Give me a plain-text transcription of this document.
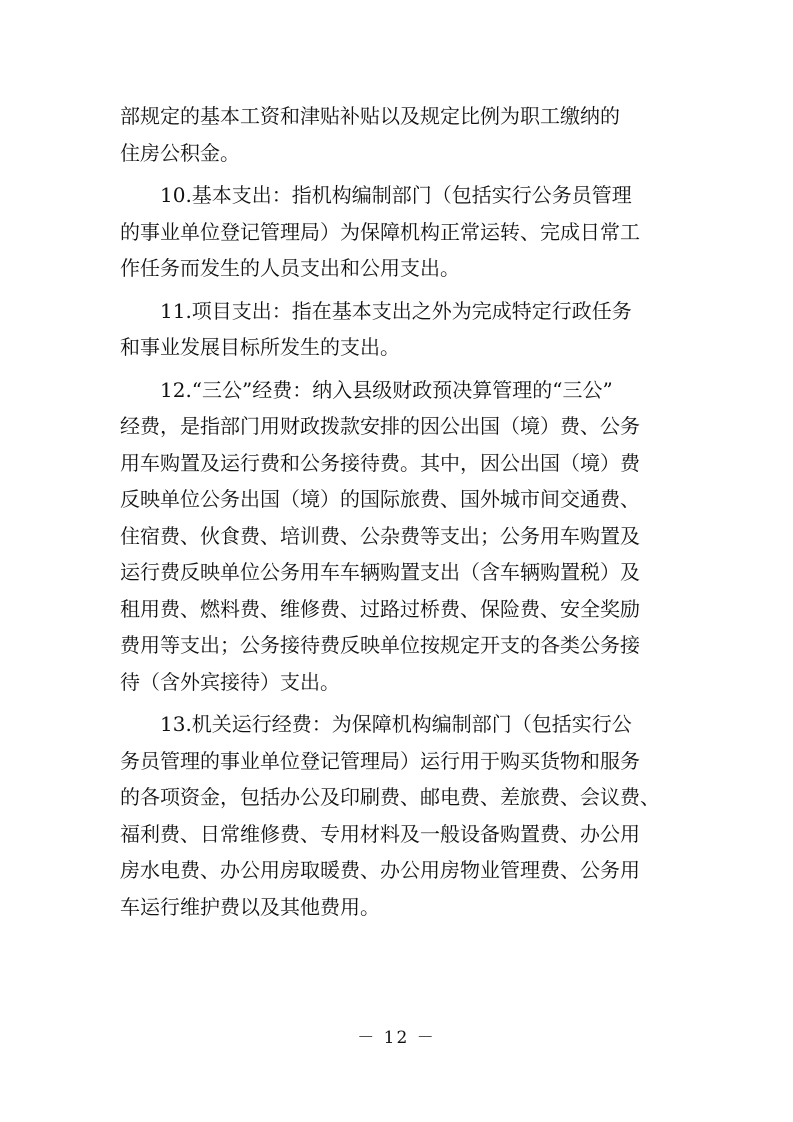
部规定的基本工资和津贴补贴以及规定比例为职工缴纳的
住房公积金。
10.基本支出：指机构编制部门（包括实行公务员管理
的事业单位登记管理局）为保障机构正常运转、完成日常工
作任务而发生的人员支出和公用支出。
11.项目支出：指在基本支出之外为完成特定行政任务
和事业发展目标所发生的支出。
12.“三公”经费：纳入县级财政预决算管理的“三公”
经费，是指部门用财政拨款安排的因公出国（境）费、公务
用车购置及运行费和公务接待费。其中，因公出国（境）费
反映单位公务出国（境）的国际旅费、国外城市间交通费、
住宿费、伙食费、培训费、公杂费等支出；公务用车购置及
运行费反映单位公务用车车辆购置支出（含车辆购置税）及
租用费、燃料费、维修费、过路过桥费、保险费、安全奖励
费用等支出；公务接待费反映单位按规定开支的各类公务接
待（含外宾接待）支出。
13.机关运行经费：为保障机构编制部门（包括实行公
务员管理的事业单位登记管理局）运行用于购买货物和服务
的各项资金，包括办公及印刷费、邮电费、差旅费、会议费、
福利费、日常维修费、专用材料及一般设备购置费、办公用
房水电费、办公用房取暖费、办公用房物业管理费、公务用
车运行维护费以及其他费用。
－ 12 －
